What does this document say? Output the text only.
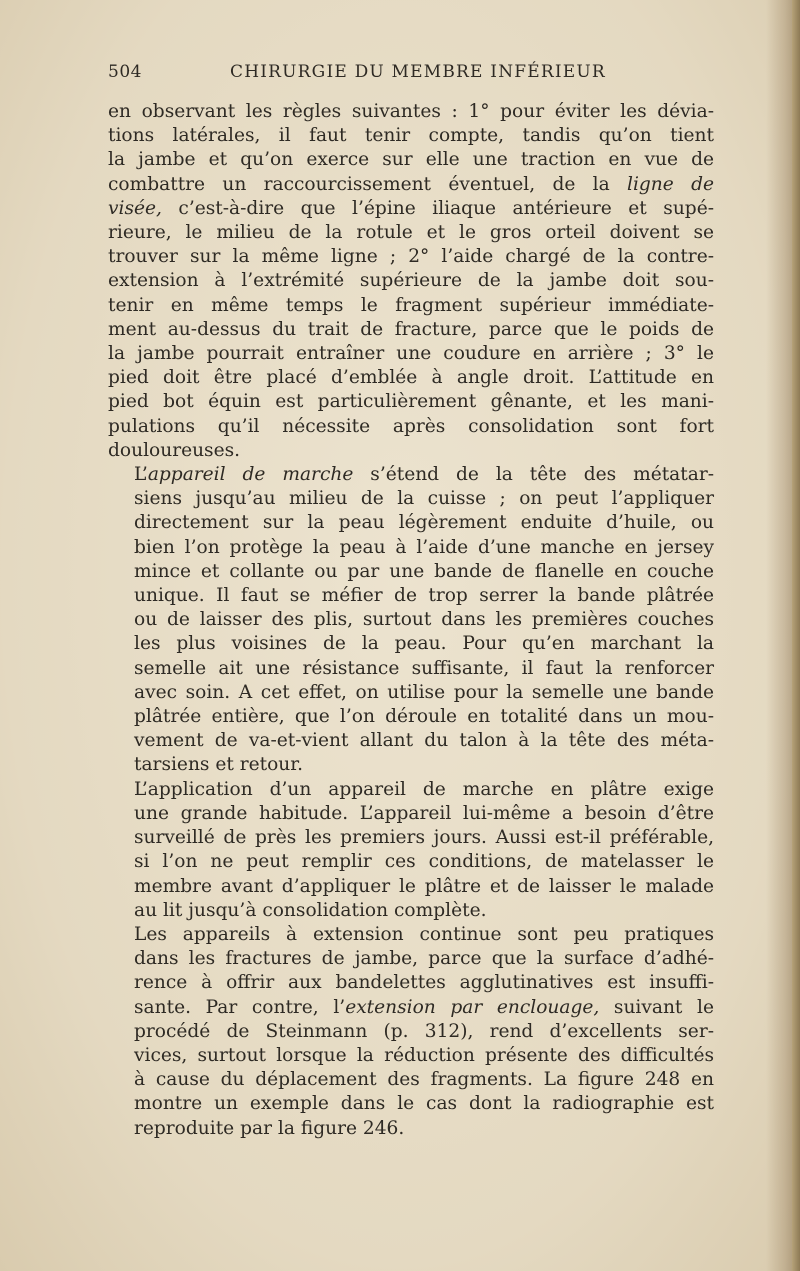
504	CHIRURGIE DU MEMBRE INFÉRIEUR

en observant les règles suivantes : 1° pour éviter les dévia-
tions latérales, il faut tenir compte, tandis qu’on tient
la jambe et qu’on exerce sur elle une traction en vue de
combattre un raccourcissement éventuel, de la ligne de
visée, c’est-à-dire que l’épine iliaque antérieure et supé-
rieure, le milieu de la rotule et le gros orteil doivent se
trouver sur la même ligne ; 2° l’aide chargé de la contre-
extension à l’extrémité supérieure de la jambe doit sou-
tenir en même temps le fragment supérieur immédiate-
ment au-dessus du trait de fracture, parce que le poids de
la jambe pourrait entraîner une coudure en arrière ; 3° le
pied doit être placé d’emblée à angle droit. L’attitude en
pied bot équin est particulièrement gênante, et les mani-
pulations qu’il nécessite après consolidation sont fort
douloureuses.

L’appareil de marche s’étend de la tête des métatar-
siens jusqu’au milieu de la cuisse ; on peut l’appliquer
directement sur la peau légèrement enduite d’huile, ou
bien l’on protège la peau à l’aide d’une manche en jersey
mince et collante ou par une bande de flanelle en couche
unique. Il faut se méfier de trop serrer la bande plâtrée
ou de laisser des plis, surtout dans les premières couches
les plus voisines de la peau. Pour qu’en marchant la
semelle ait une résistance suffisante, il faut la renforcer
avec soin. A cet effet, on utilise pour la semelle une bande
plâtrée entière, que l’on déroule en totalité dans un mou-
vement de va-et-vient allant du talon à la tête des méta-
tarsiens et retour.

L’application d’un appareil de marche en plâtre exige
une grande habitude. L’appareil lui-même a besoin d’être
surveillé de près les premiers jours. Aussi est-il préférable,
si l’on ne peut remplir ces conditions, de matelasser le
membre avant d’appliquer le plâtre et de laisser le malade
au lit jusqu’à consolidation complète.

Les appareils à extension continue sont peu pratiques
dans les fractures de jambe, parce que la surface d’adhé-
rence à offrir aux bandelettes agglutinatives est insuffi-
sante. Par contre, l’extension par enclouage, suivant le
procédé de Steinmann (p. 312), rend d’excellents ser-
vices, surtout lorsque la réduction présente des difficultés
à cause du déplacement des fragments. La figure 248 en
montre un exemple dans le cas dont la radiographie est
reproduite par la figure 246.
